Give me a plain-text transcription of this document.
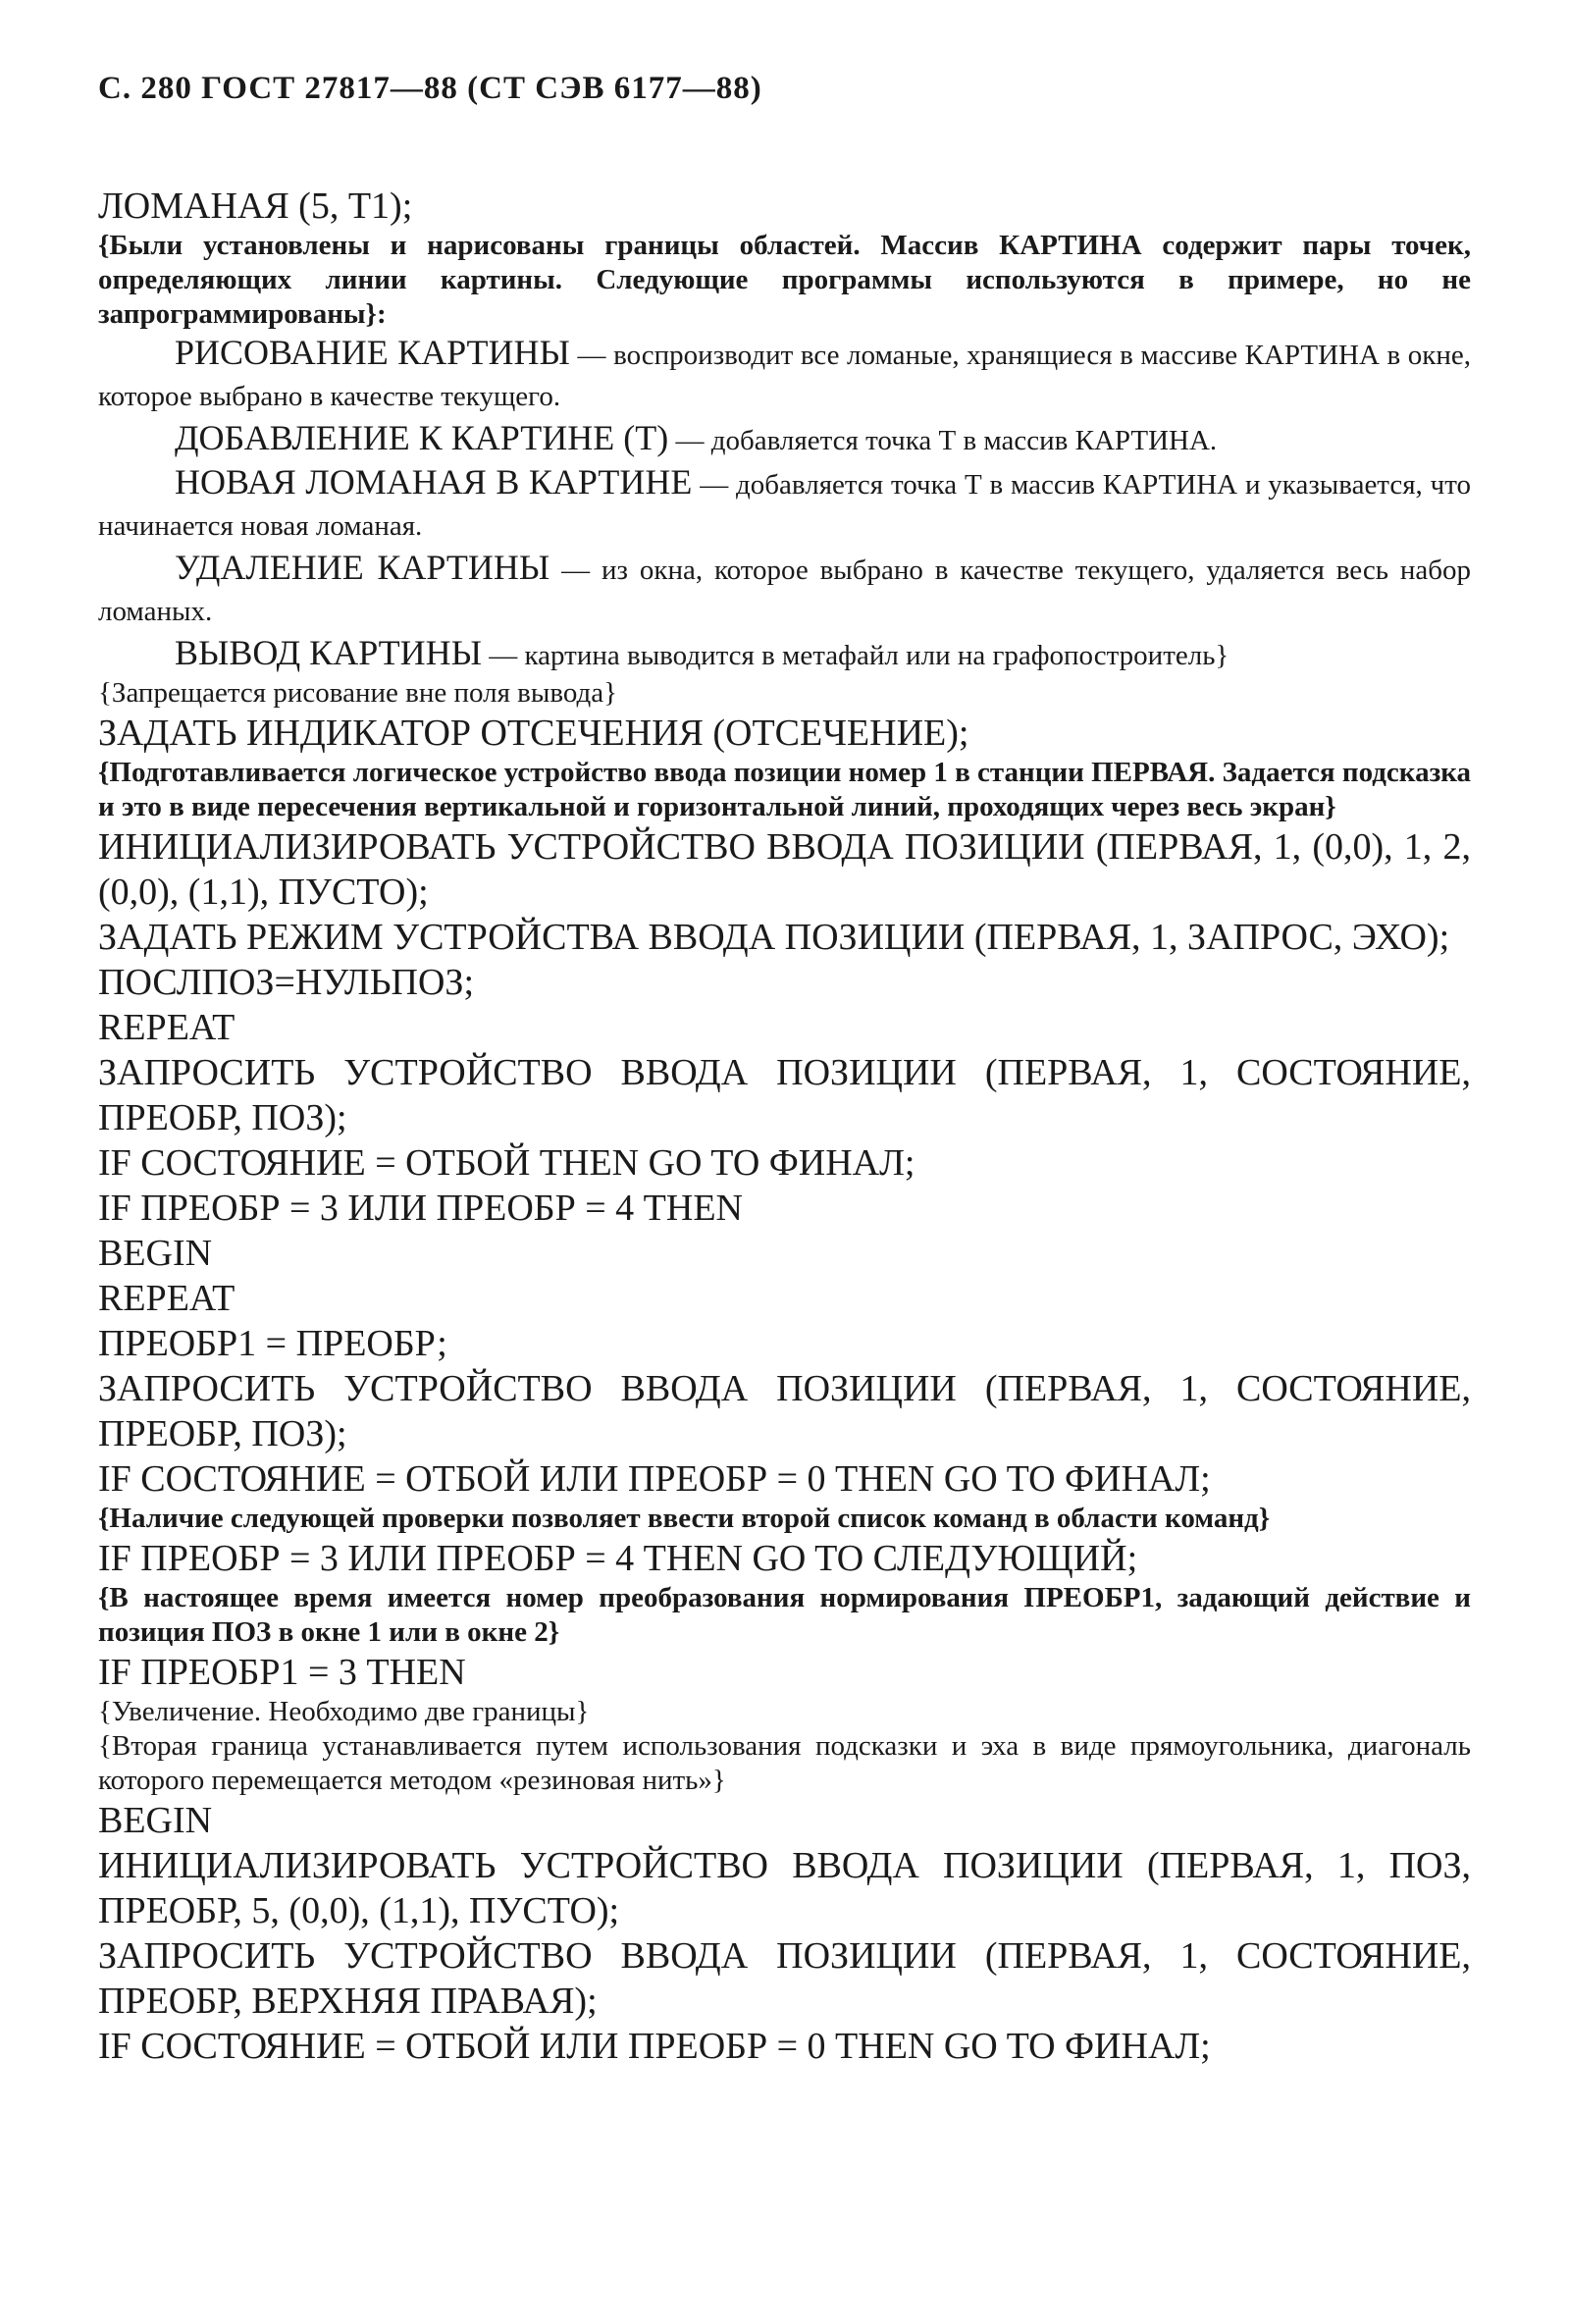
С. 280 ГОСТ 27817—88 (СТ СЭВ 6177—88)

ЛОМАНАЯ (5, Т1);

{Были установлены и нарисованы границы областей. Массив КАРТИНА содержит пары точек, определяющих линии картины. Следующие программы используются в примере, но не запрограммированы}:

РИСОВАНИЕ КАРТИНЫ — воспроизводит все ломаные, хранящиеся в массиве КАРТИНА в окне, которое выбрано в качестве текущего.

ДОБАВЛЕНИЕ К КАРТИНЕ (Т) — добавляется точка Т в массив КАРТИНА.

НОВАЯ ЛОМАНАЯ В КАРТИНЕ — добавляется точка Т в массив КАРТИНА и указывается, что начинается новая ломаная.

УДАЛЕНИЕ КАРТИНЫ — из окна, которое выбрано в качестве текущего, удаляется весь набор ломаных.

ВЫВОД КАРТИНЫ — картина выводится в метафайл или на графопостроитель}

{Запрещается рисование вне поля вывода}

ЗАДАТЬ ИНДИКАТОР ОТСЕЧЕНИЯ (ОТСЕЧЕНИЕ);

{Подготавливается логическое устройство ввода позиции номер 1 в станции ПЕРВАЯ. Задается подсказка и это в виде пересечения вертикальной и горизонтальной линий, проходящих через весь экран}

ИНИЦИАЛИЗИРОВАТЬ УСТРОЙСТВО ВВОДА ПОЗИЦИИ (ПЕРВАЯ, 1, (0,0), 1, 2, (0,0), (1,1), ПУСТО);

ЗАДАТЬ РЕЖИМ УСТРОЙСТВА ВВОДА ПОЗИЦИИ (ПЕРВАЯ, 1, ЗАПРОС, ЭХО);

ПОСЛПОЗ=НУЛЬПОЗ;

REPEAT

ЗАПРОСИТЬ УСТРОЙСТВО ВВОДА ПОЗИЦИИ (ПЕРВАЯ, 1, СОСТОЯНИЕ, ПРЕОБР, ПОЗ);

IF СОСТОЯНИЕ = ОТБОЙ THEN GO TO ФИНАЛ;

IF ПРЕОБР = 3 ИЛИ ПРЕОБР = 4 THEN

BEGIN

REPEAT

ПРЕОБР1 = ПРЕОБР;

ЗАПРОСИТЬ УСТРОЙСТВО ВВОДА ПОЗИЦИИ (ПЕРВАЯ, 1, СОСТОЯНИЕ, ПРЕОБР, ПОЗ);

IF СОСТОЯНИЕ = ОТБОЙ ИЛИ ПРЕОБР = 0 THEN GO TO ФИНАЛ;

{Наличие следующей проверки позволяет ввести второй список команд в области команд}

IF ПРЕОБР = 3 ИЛИ ПРЕОБР = 4 THEN GO TO СЛЕДУЮЩИЙ;

{В настоящее время имеется номер преобразования нормирования ПРЕОБР1, задающий действие и позиция ПОЗ в окне 1 или в окне 2}

IF ПРЕОБР1 = 3 THEN

{Увеличение. Необходимо две границы}

{Вторая граница устанавливается путем использования подсказки и эха в виде прямоугольника, диагональ которого перемещается методом «резиновая нить»}

BEGIN

ИНИЦИАЛИЗИРОВАТЬ УСТРОЙСТВО ВВОДА ПОЗИЦИИ (ПЕРВАЯ, 1, ПОЗ, ПРЕОБР, 5, (0,0), (1,1), ПУСТО);

ЗАПРОСИТЬ УСТРОЙСТВО ВВОДА ПОЗИЦИИ (ПЕРВАЯ, 1, СОСТОЯНИЕ, ПРЕОБР, ВЕРХНЯЯ ПРАВАЯ);

IF СОСТОЯНИЕ = ОТБОЙ ИЛИ ПРЕОБР = 0 THEN GO TO ФИНАЛ;
